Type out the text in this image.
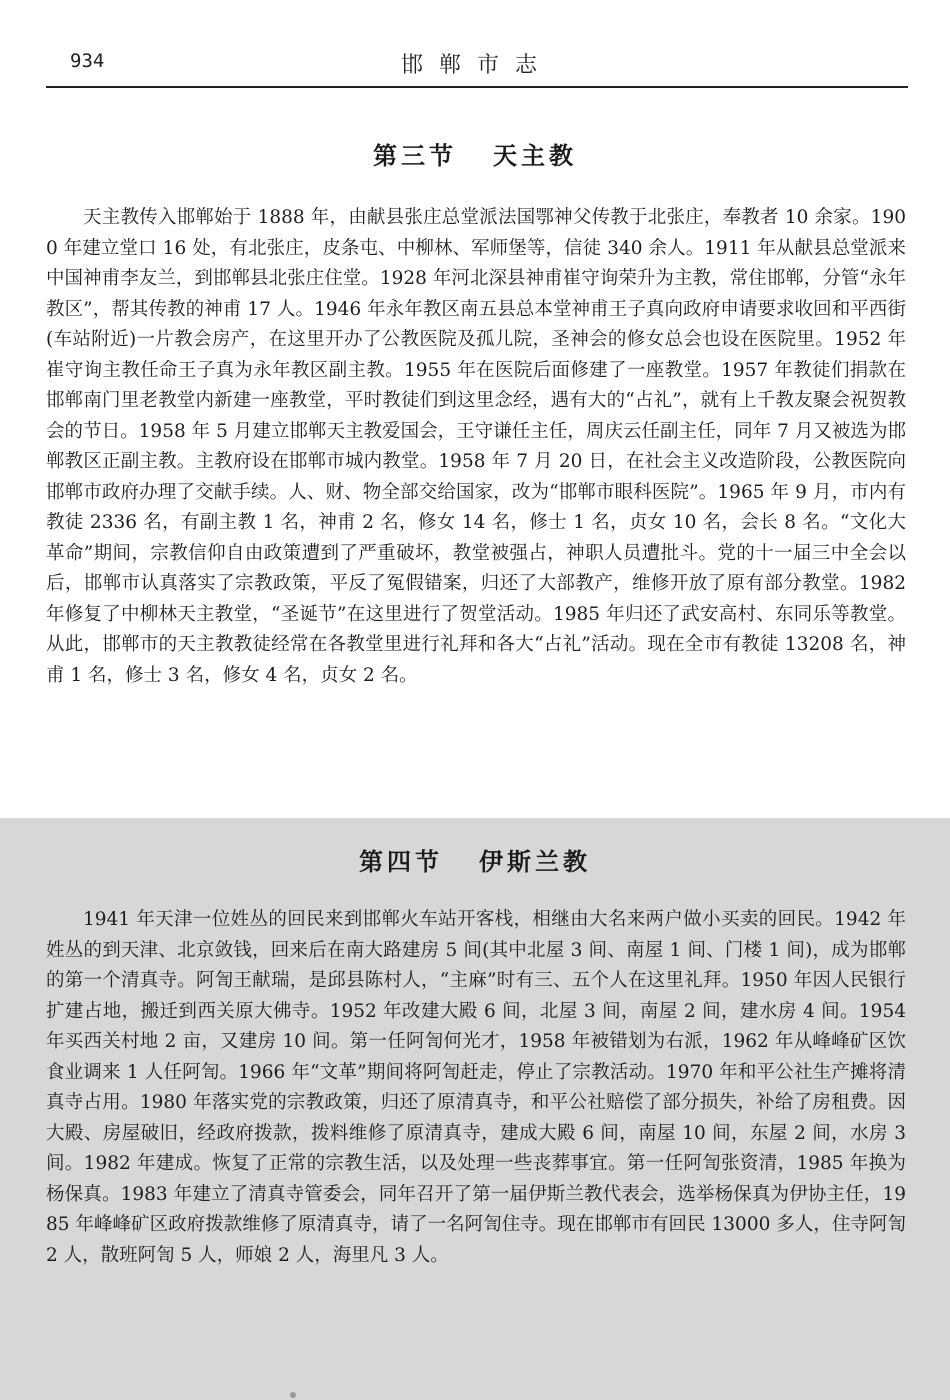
934	邯郸市志
第三节 天主教

天主教传入邯郸始于 1888 年，由献县张庄总堂派法国鄂神父传教于北张庄，奉教者 10 余家。1900 年建立堂口 16 处，有北张庄，皮条屯、中柳林、军师堡等，信徒 340 余人。1911 年从献县总堂派来中国神甫李友兰，到邯郸县北张庄住堂。1928 年河北深县神甫崔守询荣升为主教，常住邯郸，分管“永年教区”，帮其传教的神甫 17 人。1946 年永年教区南五县总本堂神甫王子真向政府申请要求收回和平西街(车站附近)一片教会房产，在这里开办了公教医院及孤儿院，圣神会的修女总会也设在医院里。1952 年崔守询主教任命王子真为永年教区副主教。1955 年在医院后面修建了一座教堂。1957 年教徒们捐款在邯郸南门里老教堂内新建一座教堂，平时教徒们到这里念经，遇有大的“占礼”，就有上千教友聚会祝贺教会的节日。1958 年 5 月建立邯郸天主教爱国会，王守谦任主任，周庆云任副主任，同年 7 月又被选为邯郸教区正副主教。主教府设在邯郸市城内教堂。1958 年 7 月 20 日，在社会主义改造阶段，公教医院向邯郸市政府办理了交献手续。人、财、物全部交给国家，改为“邯郸市眼科医院”。1965 年 9 月，市内有教徒 2336 名，有副主教 1 名，神甫 2 名，修女 14 名，修士 1 名，贞女 10 名，会长 8 名。“文化大革命”期间，宗教信仰自由政策遭到了严重破坏，教堂被强占，神职人员遭批斗。党的十一届三中全会以后，邯郸市认真落实了宗教政策，平反了冤假错案，归还了大部教产，维修开放了原有部分教堂。1982 年修复了中柳林天主教堂，“圣诞节”在这里进行了贺堂活动。1985 年归还了武安高村、东同乐等教堂。从此，邯郸市的天主教教徒经常在各教堂里进行礼拜和各大“占礼”活动。现在全市有教徒 13208 名，神甫 1 名，修士 3 名，修女 4 名，贞女 2 名。

第四节 伊斯兰教

1941 年天津一位姓丛的回民来到邯郸火车站开客栈，相继由大名来两户做小买卖的回民。1942 年姓丛的到天津、北京敛钱，回来后在南大路建房 5 间(其中北屋 3 间、南屋 1 间、门楼 1 间)，成为邯郸的第一个清真寺。阿訇王献瑞，是邱县陈村人，“主麻”时有三、五个人在这里礼拜。1950 年因人民银行扩建占地，搬迁到西关原大佛寺。1952 年改建大殿 6 间，北屋 3 间，南屋 2 间，建水房 4 间。1954 年买西关村地 2 亩，又建房 10 间。第一任阿訇何光才，1958 年被错划为右派，1962 年从峰峰矿区饮食业调来 1 人任阿訇。1966 年“文革”期间将阿訇赶走，停止了宗教活动。1970 年和平公社生产摊将清真寺占用。1980 年落实党的宗教政策，归还了原清真寺，和平公社赔偿了部分损失，补给了房租费。因大殿、房屋破旧，经政府拨款，拨料维修了原清真寺，建成大殿 6 间，南屋 10 间，东屋 2 间，水房 3 间。1982 年建成。恢复了正常的宗教生活，以及处理一些丧葬事宜。第一任阿訇张资清，1985 年换为杨保真。1983 年建立了清真寺管委会，同年召开了第一届伊斯兰教代表会，选举杨保真为伊协主任，1985 年峰峰矿区政府拨款维修了原清真寺，请了一名阿訇住寺。现在邯郸市有回民 13000 多人，住寺阿訇 2 人，散班阿訇 5 人，师娘 2 人，海里凡 3 人。
